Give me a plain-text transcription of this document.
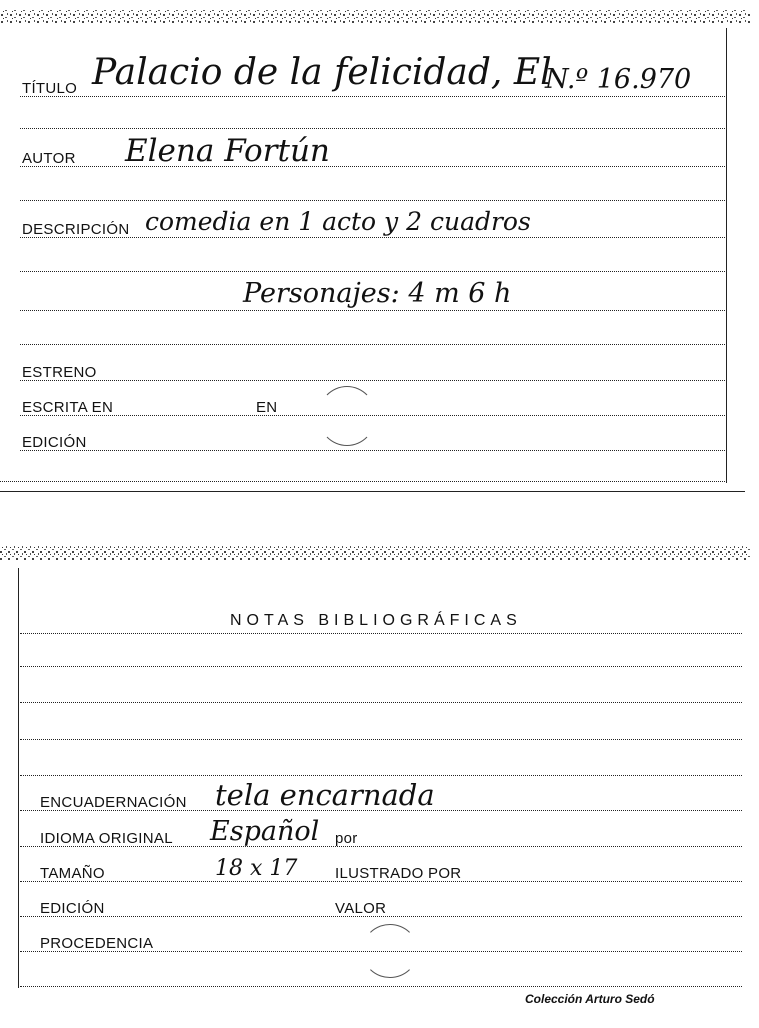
TÍTULO Palacio de la felicidad, El
N.º 16.970
AUTOR Elena Fortún
DESCRIPCIÓN comedia en 1 acto y 2 cuadros
Personajes: 4 m 6 h
ESTRENO
ESCRITA EN	EN
EDICIÓN
NOTAS BIBLIOGRÁFICAS
ENCUADERNACIÓN tela encarnada
IDIOMA ORIGINAL Español por
TAMAÑO	18 x 17	ILUSTRADO POR
EDICIÓN	VALOR
PROCEDENCIA
Colección Arturo Sedó
